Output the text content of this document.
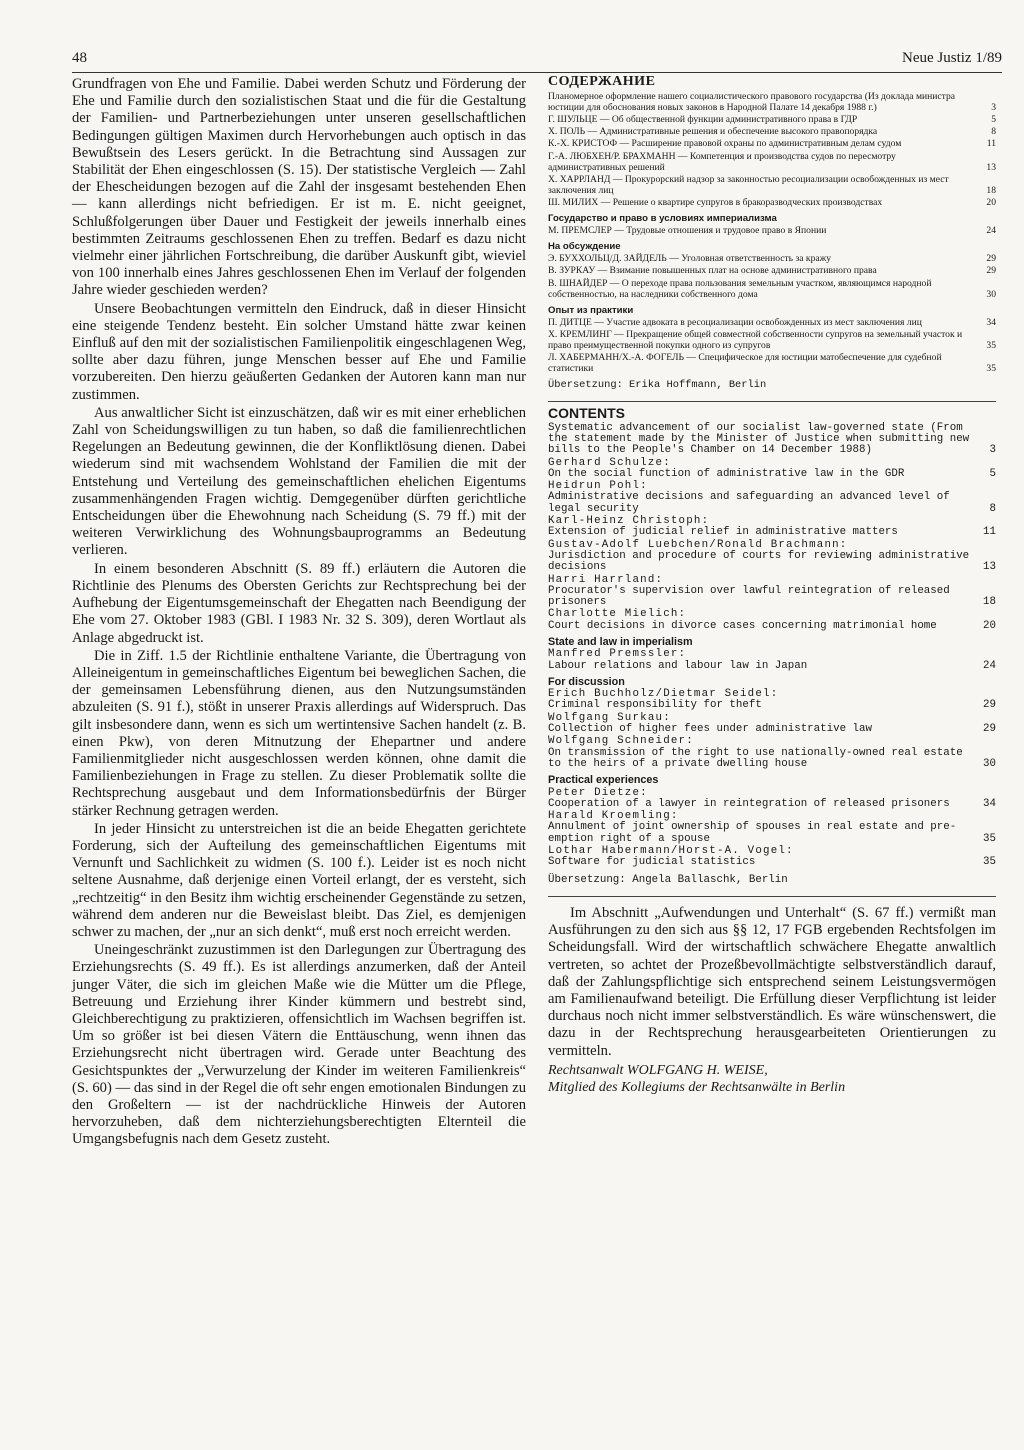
48	Neue Justiz 1/89

Grundfragen von Ehe und Familie. Dabei werden Schutz und Förderung der Ehe und Familie durch den sozialistischen Staat und die für die Gestaltung der Familien- und Partnerbeziehungen unter unseren gesellschaftlichen Bedingungen gültigen Maximen durch Hervorhebungen auch optisch in das Bewußtsein des Lesers gerückt. In die Betrachtung sind Aussagen zur Stabilität der Ehen eingeschlossen (S. 15). Der statistische Vergleich — Zahl der Ehescheidungen bezogen auf die Zahl der insgesamt bestehenden Ehen — kann allerdings nicht befriedigen. Er ist m. E. nicht geeignet, Schlußfolgerungen über Dauer und Festigkeit der jeweils innerhalb eines bestimmten Zeitraums geschlossenen Ehen zu treffen. Bedarf es dazu nicht vielmehr einer jährlichen Fortschreibung, die darüber Auskunft gibt, wieviel von 100 innerhalb eines Jahres geschlossenen Ehen im Verlauf der folgenden Jahre wieder geschieden werden?

Unsere Beobachtungen vermitteln den Eindruck, daß in dieser Hinsicht eine steigende Tendenz besteht. Ein solcher Umstand hätte zwar keinen Einfluß auf den mit der sozialistischen Familienpolitik eingeschlagenen Weg, sollte aber dazu führen, junge Menschen besser auf Ehe und Familie vorzubereiten. Den hierzu geäußerten Gedanken der Autoren kann man nur zustimmen.

Aus anwaltlicher Sicht ist einzuschätzen, daß wir es mit einer erheblichen Zahl von Scheidungswilligen zu tun haben, so daß die familienrechtlichen Regelungen an Bedeutung gewinnen, die der Konfliktlösung dienen. Dabei wiederum sind mit wachsendem Wohlstand der Familien die mit der Entstehung und Verteilung des gemeinschaftlichen ehelichen Eigentums zusammenhängenden Fragen wichtig. Demgegenüber dürften gerichtliche Entscheidungen über die Ehewohnung nach Scheidung (S. 79 ff.) mit der weiteren Verwirklichung des Wohnungsbauprogramms an Bedeutung verlieren.

In einem besonderen Abschnitt (S. 89 ff.) erläutern die Autoren die Richtlinie des Plenums des Obersten Gerichts zur Rechtsprechung bei der Aufhebung der Eigentumsgemeinschaft der Ehegatten nach Beendigung der Ehe vom 27. Oktober 1983 (GBl. I 1983 Nr. 32 S. 309), deren Wortlaut als Anlage abgedruckt ist.

Die in Ziff. 1.5 der Richtlinie enthaltene Variante, die Übertragung von Alleineigentum in gemeinschaftliches Eigentum bei beweglichen Sachen, die der gemeinsamen Lebensführung dienen, aus den Nutzungsumständen abzuleiten (S. 91 f.), stößt in unserer Praxis allerdings auf Widerspruch. Das gilt insbesondere dann, wenn es sich um wertintensive Sachen handelt (z. B. einen Pkw), von deren Mitnutzung der Ehepartner und andere Familienmitglieder nicht ausgeschlossen werden können, ohne damit die Familienbeziehungen in Frage zu stellen. Zu dieser Problematik sollte die Rechtsprechung ausgebaut und dem Informationsbedürfnis der Bürger stärker Rechnung getragen werden.

In jeder Hinsicht zu unterstreichen ist die an beide Ehegatten gerichtete Forderung, sich der Aufteilung des gemeinschaftlichen Eigentums mit Vernunft und Sachlichkeit zu widmen (S. 100 f.). Leider ist es noch nicht seltene Ausnahme, daß derjenige einen Vorteil erlangt, der es versteht, sich „rechtzeitig“ in den Besitz ihm wichtig erscheinender Gegenstände zu setzen, während dem anderen nur die Beweislast bleibt. Das Ziel, es demjenigen schwer zu machen, der „nur an sich denkt“, muß erst noch erreicht werden.

Uneingeschränkt zuzustimmen ist den Darlegungen zur Übertragung des Erziehungsrechts (S. 49 ff.). Es ist allerdings anzumerken, daß der Anteil junger Väter, die sich im gleichen Maße wie die Mütter um die Pflege, Betreuung und Erziehung ihrer Kinder kümmern und bestrebt sind, Gleichberechtigung zu praktizieren, offensichtlich im Wachsen begriffen ist. Um so größer ist bei diesen Vätern die Enttäuschung, wenn ihnen das Erziehungsrecht nicht übertragen wird. Gerade unter Beachtung des Gesichtspunktes der „Verwurzelung der Kinder im weiteren Familienkreis“ (S. 60) — das sind in der Regel die oft sehr engen emotionalen Bindungen zu den Großeltern — ist der nachdrückliche Hinweis der Autoren hervorzuheben, daß dem nichterziehungsberechtigten Elternteil die Umgangsbefugnis nach dem Gesetz zusteht.

СОДЕРЖАНИЕ
Планомерное оформление нашего социалистического правового государства (Из доклада министра юстиции для обоснования новых законов в Народной Палате 14 декабря 1988 г.)	3
Г. ШУЛЬЦЕ — Об общественной функции административного права в ГДР	5
Х. ПОЛЬ — Административные решения и обеспечение высокого правопорядка	8
К.-Х. КРИСТОФ — Расширение правовой охраны по административным делам судом	11
Г.-А. ЛЮБХЕН/Р. БРАХМАНН — Компетенция и производства судов по пересмотру административных решений	13
Х. ХАРРЛАНД — Прокурорский надзор за законностью ресоциализации освобожденных из мест заключения лиц	18
Ш. МИЛИХ — Решение о квартире супругов в бракоразводческих производствах	20
Государство и право в условиях империализма
М. ПРЕМСЛЕР — Трудовые отношения и трудовое право в Японии	24
На обсуждение
Э. БУХХОЛЬЦ/Д. ЗАЙДЕЛЬ — Уголовная ответственность за кражу	29
В. ЗУРКАУ — Взимание повышенных плат на основе административного права	29
В. ШНАЙДЕР — О переходе права пользования земельным участком, являющимся народной собственностью, на наследники собственного дома	30
Опыт из практики
П. ДИТЦЕ — Участие адвоката в ресоциализации освобожденных из мест заключения лиц	34
Х. КРЕМЛИНГ — Прекращение общей совместной собственности супругов на земельный участок и право преимущественной покупки одного из супругов	35
Л. ХАБЕРМАНН/Х.-А. ФОГЕЛЬ — Специфическое для юстиции матобеспечение для судебной статистики	35
Übersetzung: Erika Hoffmann, Berlin
CONTENTS
Systematic advancement of our socialist law-governed state (From the statement made by the Minister of Justice when submitting new bills to the People's Chamber on 14 December 1988)	3
Gerhard Schulze:
On the social function of administrative law in the GDR	5
Heidrun Pohl:
Administrative decisions and safeguarding an advanced level of legal security	8
Karl-Heinz Christoph:
Extension of judicial relief in administrative matters	11
Gustav-Adolf Luebchen/Ronald Brachmann:
Jurisdiction and procedure of courts for reviewing administrative decisions	13
Harri Harrland:
Procurator's supervision over lawful reintegration of released prisoners	18
Charlotte Mielich:
Court decisions in divorce cases concerning matrimonial home	20
State and law in imperialism
Manfred Premssler:
Labour relations and labour law in Japan	24
For discussion
Erich Buchholz/Dietmar Seidel:
Criminal responsibility for theft	29
Wolfgang Surkau:
Collection of higher fees under administrative law	29
Wolfgang Schneider:
On transmission of the right to use nationally-owned real estate to the heirs of a private dwelling house	30
Practical experiences
Peter Dietze:
Cooperation of a lawyer in reintegration of released prisoners	34
Harald Kroemling:
Annulment of joint ownership of spouses in real estate and pre-emption right of a spouse	35
Lothar Habermann/Horst-A. Vogel:
Software for judicial statistics	35
Übersetzung: Angela Ballaschk, Berlin

Im Abschnitt „Aufwendungen und Unterhalt“ (S. 67 ff.) vermißt man Ausführungen zu den sich aus §§ 12, 17 FGB ergebenden Rechtsfolgen im Scheidungsfall. Wird der wirtschaftlich schwächere Ehegatte anwaltlich vertreten, so achtet der Prozeßbevollmächtigte selbstverständlich darauf, daß der Zahlungspflichtige sich entsprechend seinem Leistungsvermögen am Familienaufwand beteiligt. Die Erfüllung dieser Verpflichtung ist leider durchaus noch nicht immer selbstverständlich. Es wäre wünschenswert, die dazu in der Rechtsprechung herausgearbeiteten Orientierungen zu vermitteln.

Rechtsanwalt WOLFGANG H. WEISE,
Mitglied des Kollegiums der Rechtsanwälte in Berlin
